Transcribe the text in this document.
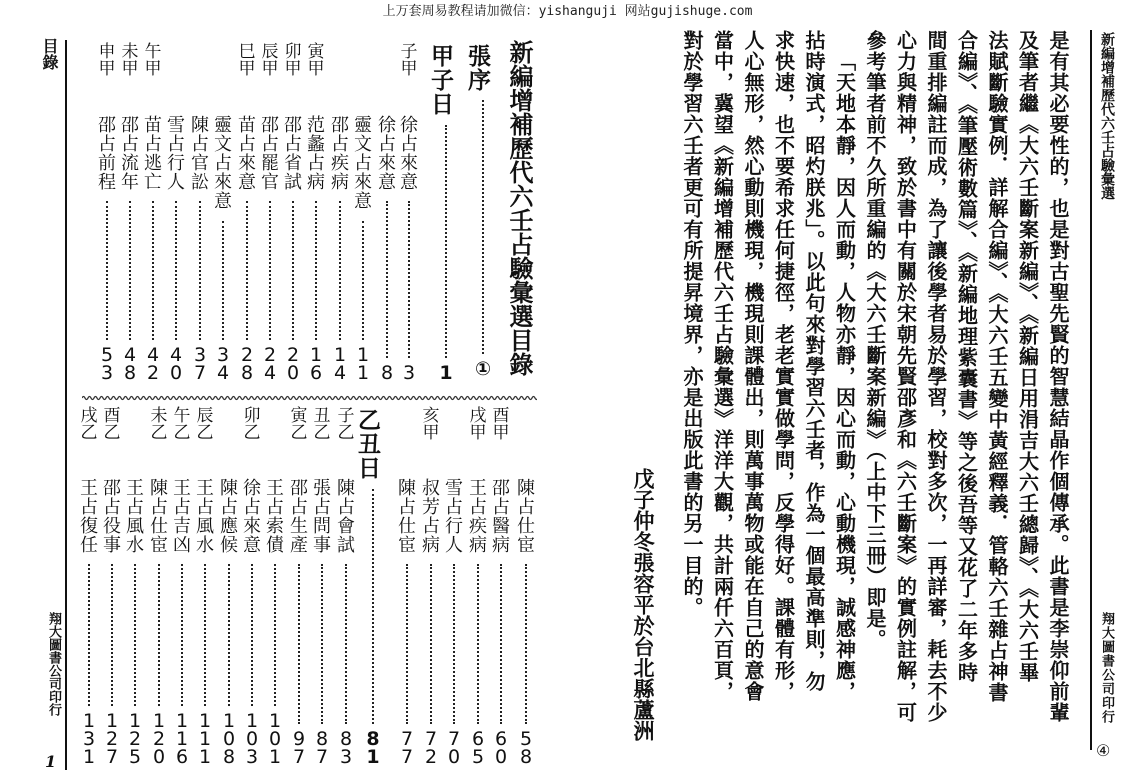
上万套周易教程请加微信：yishanguji 网站gujishuge.com
目錄
翔大圖書公司印行
1
新編增補歷代六壬占驗彙選目錄
張序
①
甲子日
1

子
甲

徐占來意
3

徐占來意
8

靈文占來意
1
1

邵占疾病
1
4

寅
甲

范蠡占病
1
6

卯
甲

邵占省試
2
0

辰
甲

邵占罷官
2
4

巳
甲

苗占來意
2
8

靈文占來意
3
4

陳占官訟
3
7

雪占行人
4
0

午
甲

苗占逃亡
4
2

未
甲

邵占流年
4
8

申
甲

邵占前程
5
3

陳占仕宦
5
8

酉
甲

邵占醫病
6
0

戌
甲

王占疾病
6
5

雪占行人
7
0

亥
甲

叔芳占病
7
2

陳占仕宦
7
7

乙丑日
8
1

子
乙

陳占會試
8
3

丑
乙

張占問事
8
7

寅
乙

邵占生產
9
7

王占索債
1
0
1

卯
乙

徐占來意
1
0
3

陳占應候
1
0
8

辰
乙

王占風水
1
1
1

午
乙

王占吉凶
1
1
6

未
乙

陳占仕宦
1
2
0

王占風水
1
2
5

酉
乙

邵占役事
1
2
7

戌
乙

王占復任
1
3
1

新編增補歷代六壬占驗彙選
翔大圖書公司印行
④
是有其必要性的，也是對古聖先賢的智慧結晶作個傳承。此書是李崇仰前輩
及筆者繼《大六壬斷案新編》、《新編日用涓吉大六壬總歸》、《大六壬畢
法賦斷驗實例．詳解合編》、《大六壬五變中黃經釋義．管輅六壬雜占神書
合編》、《筆壓術數篇》、《新編地理紫囊書》等之後吾等又花了二年多時
間重排編註而成，為了讓後學者易於學習，校對多次，一再詳審，耗去不少
心力與精神，致於書中有關於宋朝先賢邵彥和《六壬斷案》的實例註解，可
參考筆者前不久所重編的《大六壬斷案新編》（上中下三冊）即是。
「天地本靜，因人而動，人物亦靜，因心而動，心動機現，誠感神應，
拈時演式，昭灼朕兆」。以此句來對學習六壬者，作為一個最高準則，勿
求快速，也不要希求任何捷徑，老老實實做學問，反學得好。課體有形，
人心無形，然心動則機現，機現則課體出，則萬事萬物或能在自己的意會
當中，冀望《新編增補歷代六壬占驗彙選》洋洋大觀，共計兩仟六百頁，
對於學習六壬者更可有所提昇境界，亦是出版此書的另一目的。
戊子仲冬張容平於台北縣蘆洲
